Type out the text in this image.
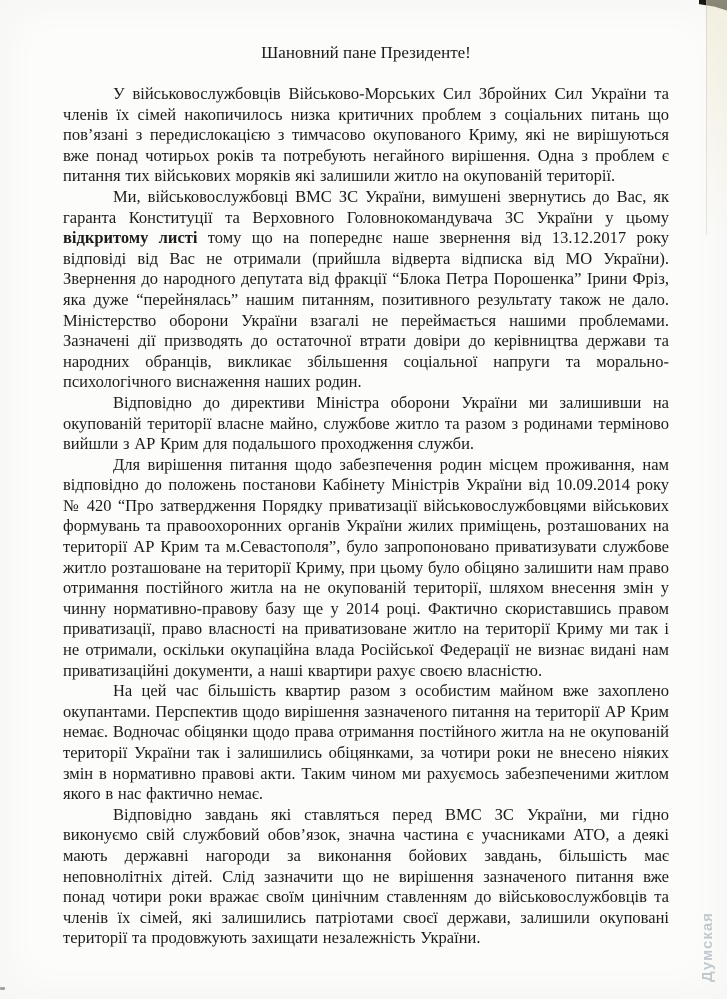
Шановний пане Президенте!

У військовослужбовців Військово-Морських Сил Збройних Сил України та членів їх сімей накопичилось низка критичних проблем з соціальних питань що пов’язані з передислокацією з тимчасово окупованого Криму, які не вирішуються вже понад чотирьох років та потребують негайного вирішення. Одна з проблем є питання тих військових моряків які залишили житло на окупованій території.

Ми, військовослужбовці ВМС ЗС України, вимушені звернутись до Вас, як гаранта Конституції та Верховного Головнокомандувача ЗС України у цьому відкритому листі тому що на попереднє наше звернення від 13.12.2017 року відповіді від Вас не отримали (прийшла відверта відписка від МО України). Звернення до народного депутата від фракції “Блока Петра Порошенка” Ірини Фріз, яка дуже “перейнялась” нашим питанням, позитивного результату також не дало. Міністерство оборони України взагалі не переймається нашими проблемами. Зазначені дії призводять до остаточної втрати довіри до керівництва держави та народних обранців, викликає збільшення соціальної напруги та морально-психологічного виснаження наших родин.

Відповідно до директиви Міністра оборони України ми залишивши на окупованій території власне майно, службове житло та разом з родинами терміново вийшли з АР Крим для подальшого проходження служби.

Для вирішення питання щодо забезпечення родин місцем проживання, нам відповідно до положень постанови Кабінету Міністрів України від 10.09.2014 року № 420 “Про затвердження Порядку приватизації військовослужбовцями військових формувань та правоохоронних органів України жилих приміщень, розташованих на території АР Крим та м.Севастополя”, було запропоновано приватизувати службове житло розташоване на території Криму, при цьому було обіцяно залишити нам право отримання постійного житла на не окупованій території, шляхом внесення змін у чинну нормативно-правову базу ще у 2014 році. Фактично скориставшись правом приватизації, право власності на приватизоване житло на території Криму ми так і не отримали, оскільки окупаційна влада Російської Федерації не визнає видані нам приватизаційні документи, а наші квартири рахує своєю власністю.

На цей час більшість квартир разом з особистим майном вже захоплено окупантами. Перспектив щодо вирішення зазначеного питання на території АР Крим немає. Водночас обіцянки щодо права отримання постійного житла на не окупованій території України так і залишились обіцянками, за чотири роки не внесено ніяких змін в нормативно правові акти. Таким чином ми рахуємось забезпеченими житлом якого в нас фактично немає.

Відповідно завдань які ставляться перед ВМС ЗС України, ми гідно виконуємо свій службовий обов’язок, значна частина є учасниками АТО, а деякі мають державні нагороди за виконання бойових завдань, більшість має неповнолітніх дітей. Слід зазначити що не вирішення зазначеного питання вже понад чотири роки вражає своїм цинічним ставленням до військовослужбовців та членів їх сімей, які залишились патріотами своєї держави, залишили окуповані території та продовжують захищати незалежність України.	Думская
